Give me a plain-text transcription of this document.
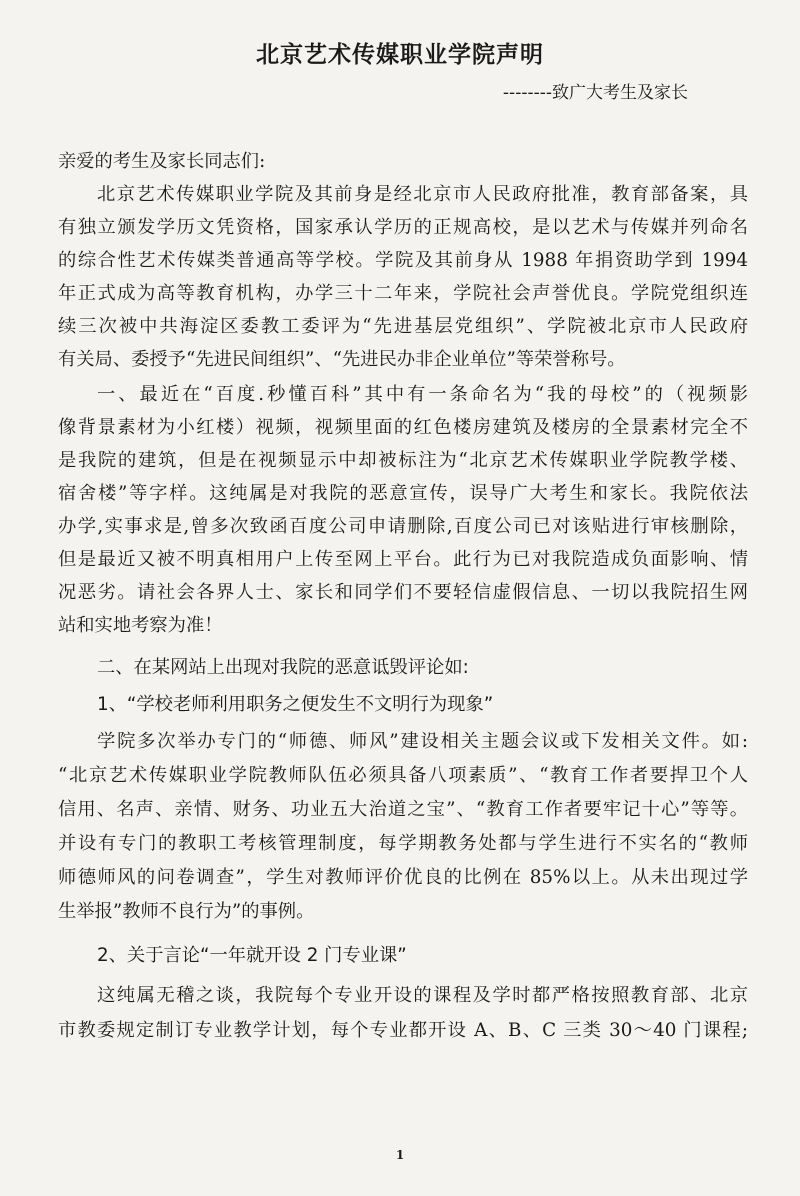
北京艺术传媒职业学院声明
--------致广大考生及家长
亲爱的考生及家长同志们:
北京艺术传媒职业学院及其前身是经北京市人民政府批准，教育部备案，具
有独立颁发学历文凭资格，国家承认学历的正规高校，是以艺术与传媒并列命名
的综合性艺术传媒类普通高等学校。学院及其前身从 1988 年捐资助学到 1994
年正式成为高等教育机构，办学三十二年来，学院社会声誉优良。学院党组织连
续三次被中共海淀区委教工委评为“先进基层党组织”、学院被北京市人民政府
有关局、委授予“先进民间组织”、“先进民办非企业单位”等荣誉称号。
一、最近在“百度.秒懂百科”其中有一条命名为“我的母校”的（视频影
像背景素材为小红楼）视频，视频里面的红色楼房建筑及楼房的全景素材完全不
是我院的建筑，但是在视频显示中却被标注为“北京艺术传媒职业学院教学楼、
宿舍楼”等字样。这纯属是对我院的恶意宣传，误导广大考生和家长。我院依法
办学,实事求是,曾多次致函百度公司申请删除,百度公司已对该贴进行审核删除，
但是最近又被不明真相用户上传至网上平台。此行为已对我院造成负面影响、情
况恶劣。请社会各界人士、家长和同学们不要轻信虚假信息、一切以我院招生网
站和实地考察为准！
二、在某网站上出现对我院的恶意诋毁评论如:
1、“学校老师利用职务之便发生不文明行为现象”
学院多次举办专门的“师德、师风”建设相关主题会议或下发相关文件。如:
“北京艺术传媒职业学院教师队伍必须具备八项素质”、“教育工作者要捍卫个人
信用、名声、亲情、财务、功业五大治道之宝”、“教育工作者要牢记十心”等等。
并设有专门的教职工考核管理制度，每学期教务处都与学生进行不实名的“教师
师德师风的问卷调查”，学生对教师评价优良的比例在 85%以上。从未出现过学
生举报”教师不良行为”的事例。
2、关于言论“一年就开设 2 门专业课”
这纯属无稽之谈，我院每个专业开设的课程及学时都严格按照教育部、北京
市教委规定制订专业教学计划，每个专业都开设 A、B、C 三类 30～40 门课程;
1
